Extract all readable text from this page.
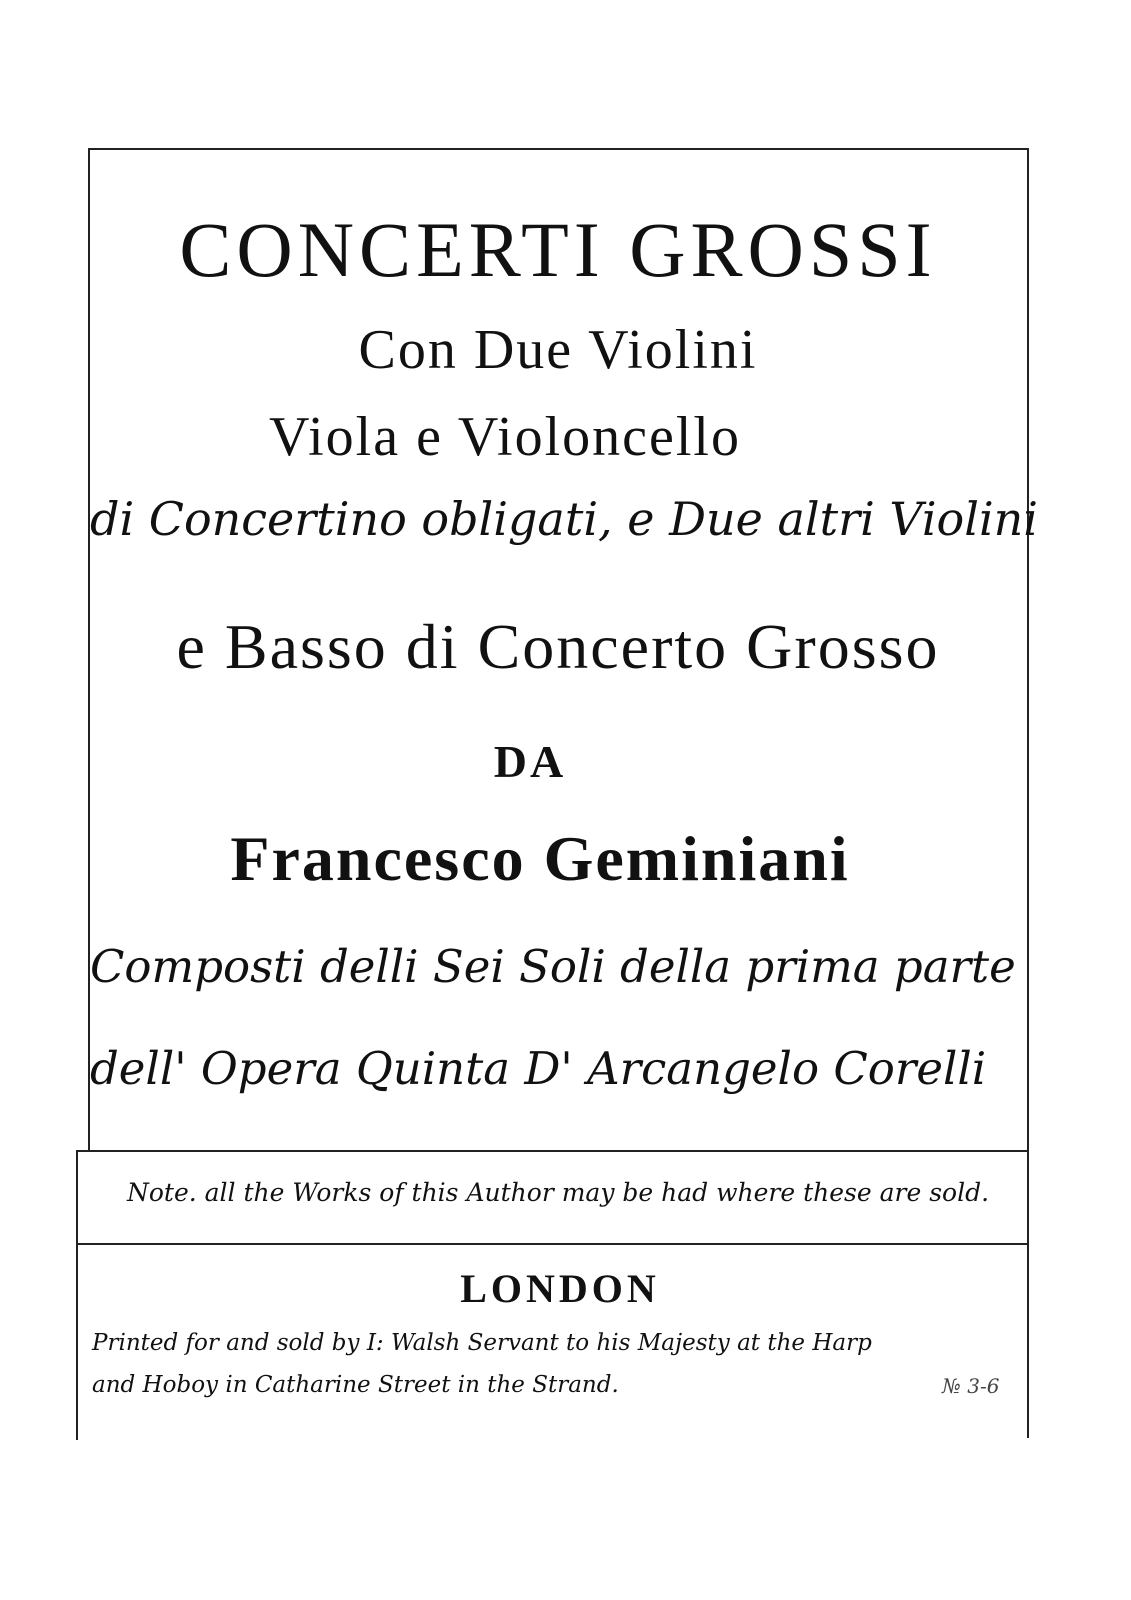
CONCERTI GROSSI

Con Due Violini

Viola e Violoncello

di Concertino obligati, e Due altri Violini

e Basso di Concerto Grosso

DA

Francesco Geminiani

Composti delli Sei Soli della prima parte

dell' Opera Quinta D' Arcangelo Corelli

Note. all the Works of this Author may be had where these are sold.

LONDON

Printed for and sold by I: Walsh Servant to his Majesty at the Harp

and Hoboy in Catharine Street in the Strand.	№ 3-6
